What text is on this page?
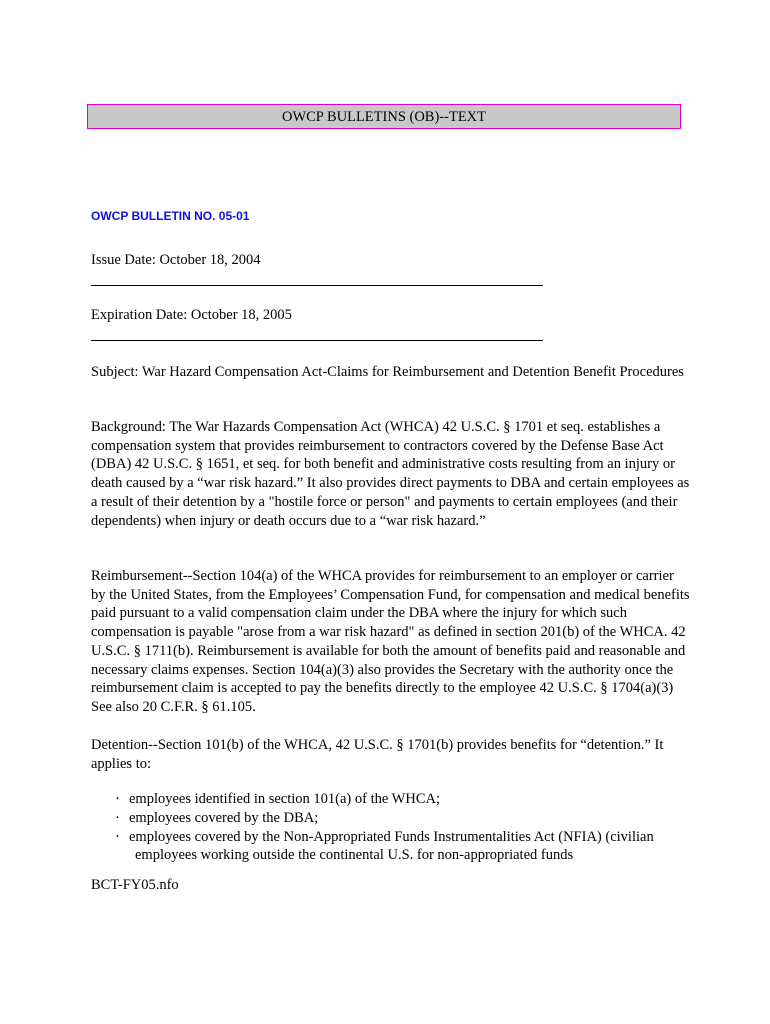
OWCP BULLETINS (OB)--TEXT
OWCP BULLETIN NO. 05-01
Issue Date: October 18, 2004
Expiration Date: October 18, 2005

Subject: War Hazard Compensation Act-Claims for Reimbursement and Detention Benefit Procedures

Background: The War Hazards Compensation Act (WHCA) 42 U.S.C. § 1701 et seq. establishes a compensation system that provides reimbursement to contractors covered by the Defense Base Act (DBA) 42 U.S.C. § 1651, et seq. for both benefit and administrative costs resulting from an injury or death caused by a “war risk hazard.” It also provides direct payments to DBA and certain employees as a result of their detention by a "hostile force or person" and payments to certain employees (and their dependents) when injury or death occurs due to a “war risk hazard.”

Reimbursement--Section 104(a) of the WHCA provides for reimbursement to an employer or carrier by the United States, from the Employees’ Compensation Fund, for compensation and medical benefits paid pursuant to a valid compensation claim under the DBA where the injury for which such compensation is payable "arose from a war risk hazard" as defined in section 201(b) of the WHCA. 42 U.S.C. § 1711(b). Reimbursement is available for both the amount of benefits paid and reasonable and necessary claims expenses. Section 104(a)(3) also provides the Secretary with the authority once the reimbursement claim is accepted to pay the benefits directly to the employee 42 U.S.C. § 1704(a)(3) See also 20 C.F.R. § 61.105.

Detention--Section 101(b) of the WHCA, 42 U.S.C. § 1701(b) provides benefits for “detention.” It applies to:

· employees identified in section 101(a) of the WHCA;
· employees covered by the DBA;
· employees covered by the Non-Appropriated Funds Instrumentalities Act (NFIA) (civilian employees working outside the continental U.S. for non-appropriated funds
BCT-FY05.nfo
